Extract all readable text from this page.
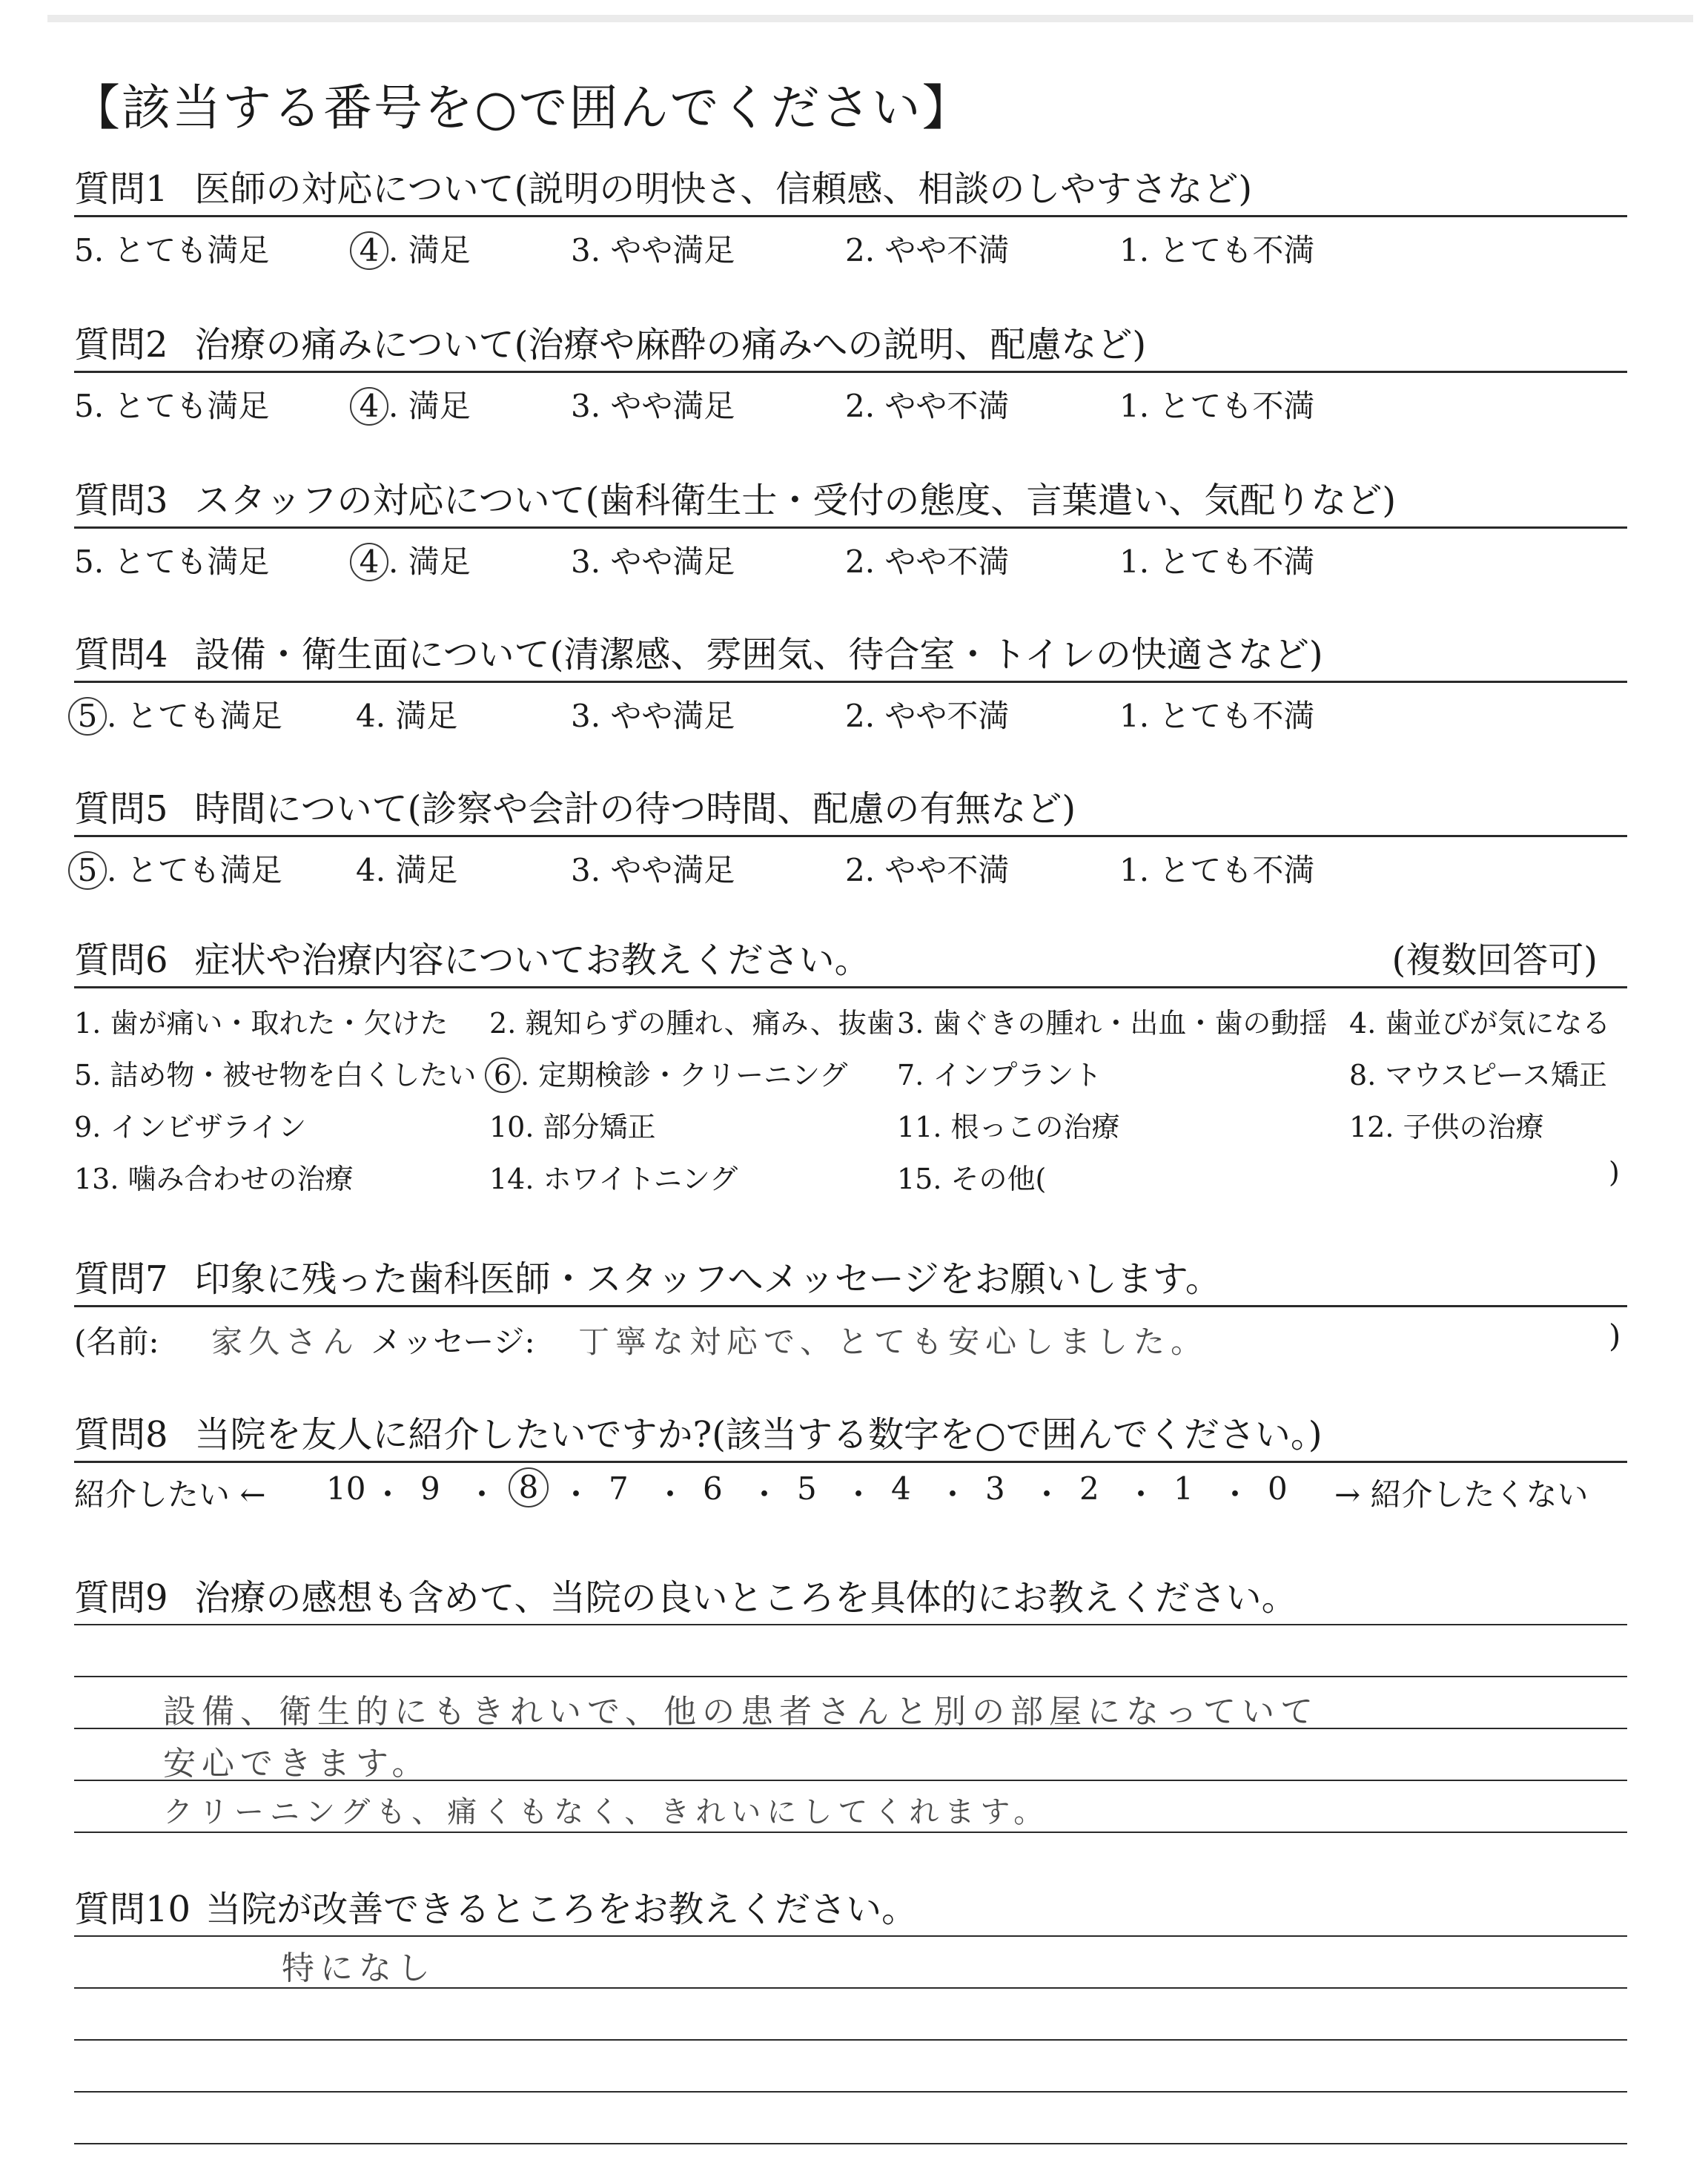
【該当する番号を○で囲んでください】
質問1 医師の対応について(説明の明快さ、信頼感、相談のしやすさなど)
5. とても満足	4 . 満足	3. やや満足	2. やや不満	1. とても不満
質問2 治療の痛みについて(治療や麻酔の痛みへの説明、配慮など)
5. とても満足	4 . 満足	3. やや満足	2. やや不満	1. とても不満
質問3 スタッフの対応について(歯科衛生士・受付の態度、言葉遣い、気配りなど)
5. とても満足	4 . 満足	3. やや満足	2. やや不満	1. とても不満
質問4 設備・衛生面について(清潔感、雰囲気、待合室・トイレの快適さなど)
5 . とても満足 4. 満足	3. やや満足	2. やや不満	1. とても不満
質問5 時間について(診察や会計の待つ時間、配慮の有無など)
5 . とても満足 4. 満足	3. やや満足	2. やや不満	1. とても不満
質問6 症状や治療内容についてお教えください。	(複数回答可)
1. 歯が痛い・取れた・欠けた 2. 親知らずの腫れ、痛み、抜歯 3. 歯ぐきの腫れ・出血・歯の動揺 4. 歯並びが気になる
5. 詰め物・被せ物を白くしたい 6 . 定期検診・クリーニング 7. インプラント	8. マウスピース矯正
9. インビザライン	10. 部分矯正	11. 根っこの治療	12. 子供の治療
13. 噛み合わせの治療	14. ホワイトニング	15. その他(	)
質問7 印象に残った歯科医師・スタッフへメッセージをお願いします。
(名前: 家久さん メッセージ: 丁寧な対応で、とても安心しました。	)
質問8 当院を友人に紹介したいですか?(該当する数字を○で囲んでください。)
紹介したい ← 10 ・ 9 ・ 8 ・ 7 ・ 6 ・ 5 ・ 4 ・ 3 ・ 2 ・ 1 ・ 0 → 紹介したくない
質問9 治療の感想も含めて、当院の良いところを具体的にお教えください。
設備、衛生的にもきれいで、他の患者さんと別の部屋になっていて
安心できます。
クリーニングも、痛くもなく、きれいにしてくれます。
質問10 当院が改善できるところをお教えください。
特になし
